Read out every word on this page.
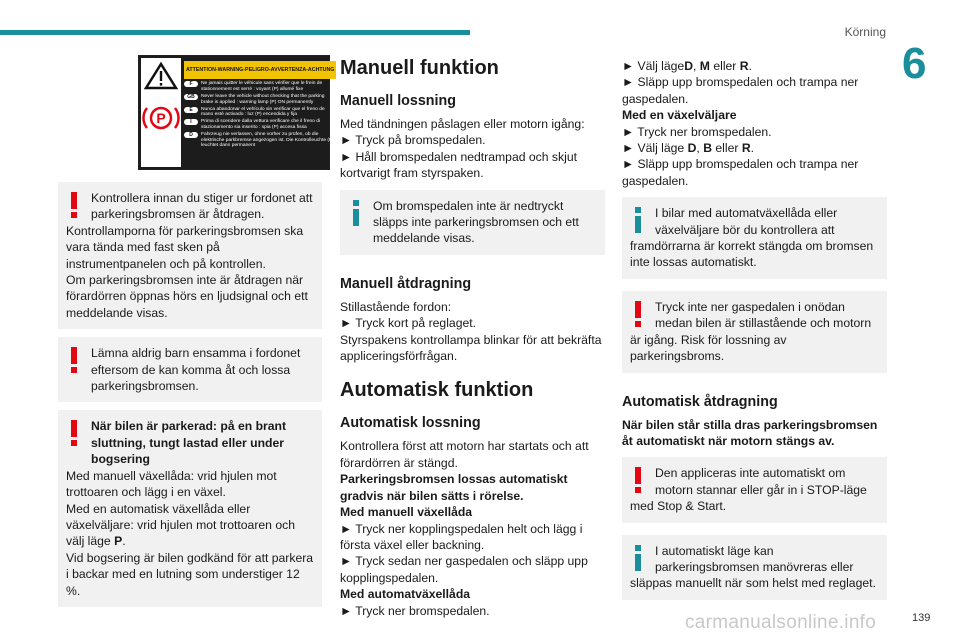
Körning
6
P
ATTENTION-WARNING-PELIGRO-AVVERTENZA-ACHTUNG
F	Ne jamais quitter le véhicule sans vérifier que le frein de stationnement est serré : voyant (P) allumé fixe
GB	Never leave the vehicle without checking that the parking brake is applied : warning lamp (P) ON permanently
E	Nunca abandonar el vehículo sin verificar que el freno de mano esté activado : luz (P) encendida y fija
I	Prima di scendere dalla vettura verificare che il freno di stazionamento sia inserito : spia (P) accesa fissa
D	Fahrzeug nie verlassen, ohne vorher zu prüfen, ob die elektrische parkbremse angezogen ist. Die Kontrolleuchte (P) leuchtet dann permanent

Kontrollera innan du stiger ur fordonet att parkeringsbromsen är åtdragen.

Kontrollamporna för parkeringsbromsen ska vara tända med fast sken på instrumentpanelen och på kontrollen.

Om parkeringsbromsen inte är åtdragen när förardörren öppnas hörs en ljudsignal och ett meddelande visas.

Lämna aldrig barn ensamma i fordonet eftersom de kan komma åt och lossa parkeringsbromsen.

När bilen är parkerad: på en brant sluttning, tungt lastad eller under bogsering

Med manuell växellåda: vrid hjulen mot trottoaren och lägg i en växel.

Med en automatisk växellåda eller växelväljare: vrid hjulen mot trottoaren och välj läge P.

Vid bogsering är bilen godkänd för att parkera i backar med en lutning som understiger 12 %.

Manuell funktion
Manuell lossning

Med tändningen påslagen eller motorn igång:

► Tryck på bromspedalen.

► Håll bromspedalen nedtrampad och skjut kortvarigt fram styrspaken.

Om bromspedalen inte är nedtryckt släpps inte parkeringsbromsen och ett meddelande visas.

Manuell åtdragning

Stillastående fordon:

► Tryck kort på reglaget.

Styrspakens kontrollampa blinkar för att bekräfta appliceringsförfrågan.

Automatisk funktion
Automatisk lossning

Kontrollera först att motorn har startats och att förardörren är stängd.

Parkeringsbromsen lossas automatiskt gradvis när bilen sätts i rörelse.

Med manuell växellåda

► Tryck ner kopplingspedalen helt och lägg i första växel eller backning.

► Tryck sedan ner gaspedalen och släpp upp kopplingspedalen.

Med automatväxellåda

► Tryck ner bromspedalen.

► Välj lägeD, M eller R.

► Släpp upp bromspedalen och trampa ner gaspedalen.

Med en växelväljare

► Tryck ner bromspedalen.

► Välj läge D, B eller R.

► Släpp upp bromspedalen och trampa ner gaspedalen.

I bilar med automatväxellåda eller växelväljare bör du kontrollera att

framdörrarna är korrekt stängda om bromsen inte lossas automatiskt.

Tryck inte ner gaspedalen i onödan medan bilen är stillastående och motorn

är igång. Risk för lossning av parkeringsbroms.

Automatisk åtdragning

När bilen står stilla dras parkeringsbromsen åt automatiskt när motorn stängs av.

Den appliceras inte automatiskt om motorn stannar eller går in i STOP-läge

med Stop & Start.

I automatiskt läge kan parkeringsbromsen manövreras eller

släppas manuellt när som helst med reglaget.

carmanualsonline.info	139
